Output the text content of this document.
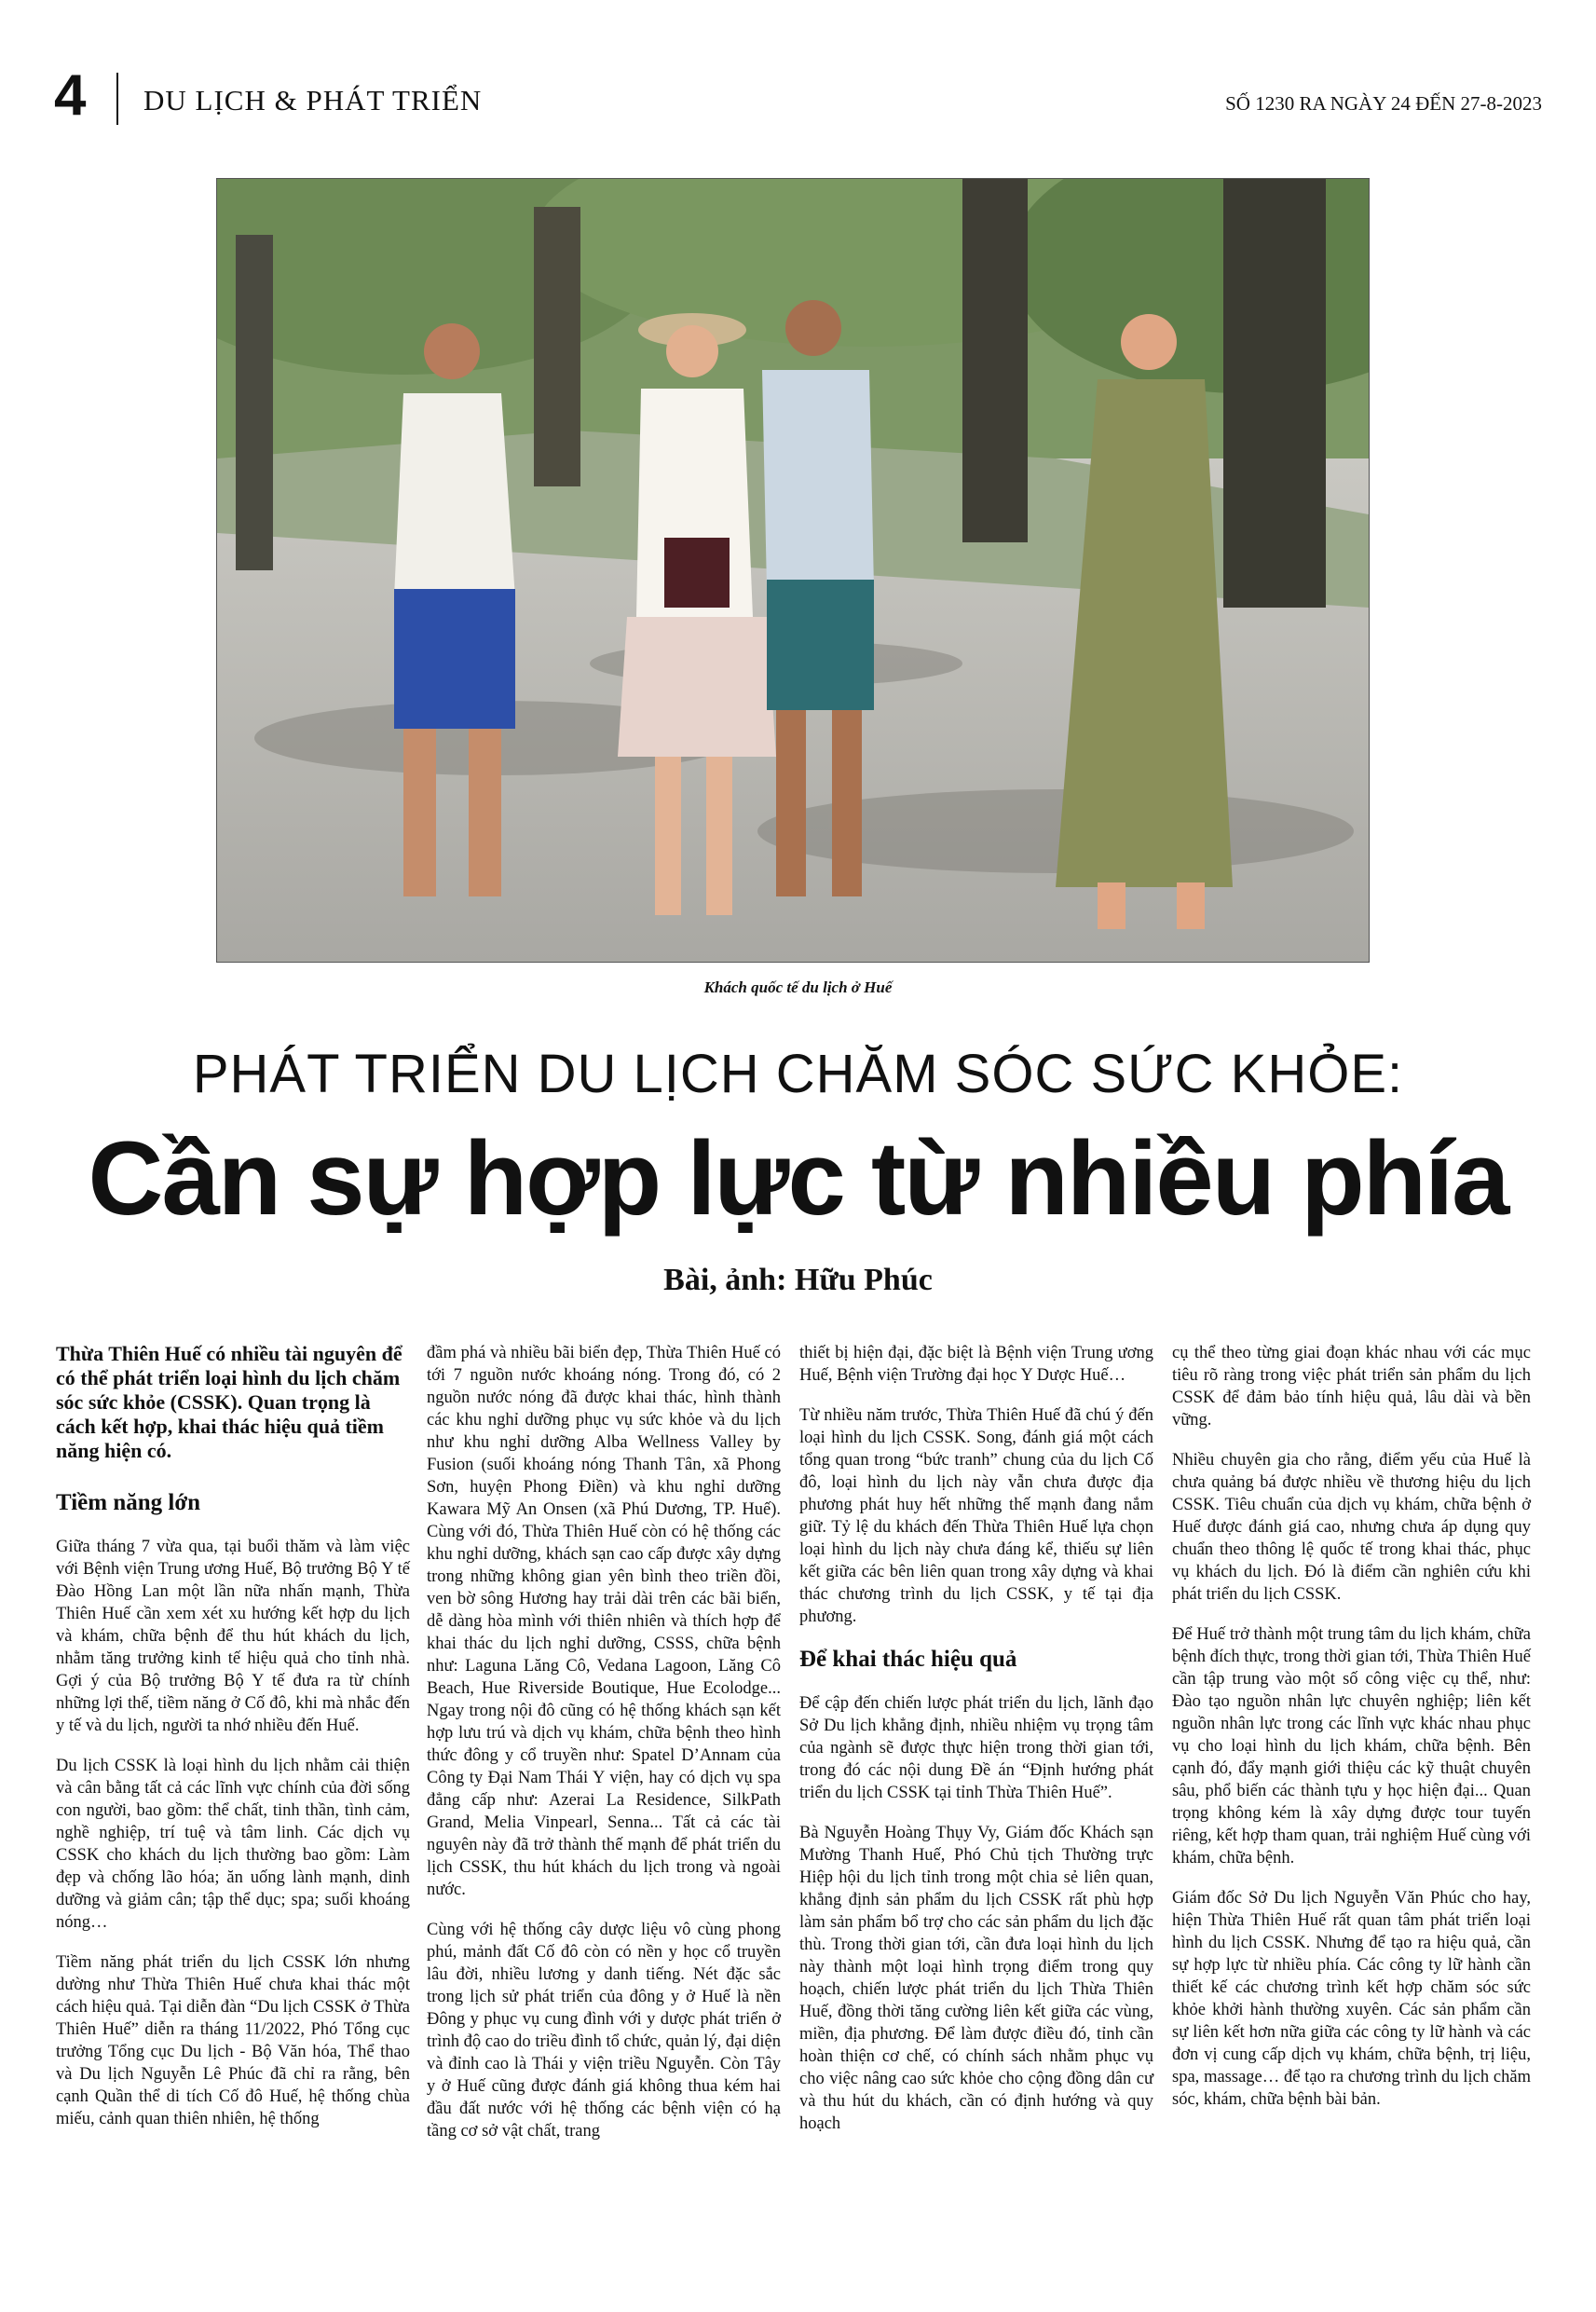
4 DU LỊCH & PHÁT TRIỂN	SỐ 1230 RA NGÀY 24 ĐẾN 27-8-2023
Khách quốc tế du lịch ở Huế
PHÁT TRIỂN DU LỊCH CHĂM SÓC SỨC KHỎE:
Cần sự hợp lực từ nhiều phía
Bài, ảnh: Hữu Phúc

Thừa Thiên Huế có nhiều tài nguyên để có thể phát triển loại hình du lịch chăm sóc sức khỏe (CSSK). Quan trọng là cách kết hợp, khai thác hiệu quả tiềm năng hiện có.

Tiềm năng lớn

Giữa tháng 7 vừa qua, tại buổi thăm và làm việc với Bệnh viện Trung ương Huế, Bộ trưởng Bộ Y tế Đào Hồng Lan một lần nữa nhấn mạnh, Thừa Thiên Huế cần xem xét xu hướng kết hợp du lịch và khám, chữa bệnh để thu hút khách du lịch, nhằm tăng trưởng kinh tế hiệu quả cho tỉnh nhà. Gợi ý của Bộ trưởng Bộ Y tế đưa ra từ chính những lợi thế, tiềm năng ở Cố đô, khi mà nhắc đến y tế và du lịch, người ta nhớ nhiều đến Huế.

Du lịch CSSK là loại hình du lịch nhằm cải thiện và cân bằng tất cả các lĩnh vực chính của đời sống con người, bao gồm: thể chất, tinh thần, tình cảm, nghề nghiệp, trí tuệ và tâm linh. Các dịch vụ CSSK cho khách du lịch thường bao gồm: Làm đẹp và chống lão hóa; ăn uống lành mạnh, dinh dưỡng và giảm cân; tập thể dục; spa; suối khoáng nóng…

Tiềm năng phát triển du lịch CSSK lớn nhưng dường như Thừa Thiên Huế chưa khai thác một cách hiệu quả. Tại diễn đàn “Du lịch CSSK ở Thừa Thiên Huế” diễn ra tháng 11/2022, Phó Tổng cục trưởng Tổng cục Du lịch - Bộ Văn hóa, Thể thao và Du lịch Nguyễn Lê Phúc đã chỉ ra rằng, bên cạnh Quần thể di tích Cố đô Huế, hệ thống chùa miếu, cảnh quan thiên nhiên, hệ thống

đầm phá và nhiều bãi biển đẹp, Thừa Thiên Huế có tới 7 nguồn nước khoáng nóng. Trong đó, có 2 nguồn nước nóng đã được khai thác, hình thành các khu nghỉ dưỡng phục vụ sức khỏe và du lịch như khu nghỉ dưỡng Alba Wellness Valley by Fusion (suối khoáng nóng Thanh Tân, xã Phong Sơn, huyện Phong Điền) và khu nghỉ dưỡng Kawara Mỹ An Onsen (xã Phú Dương, TP. Huế). Cùng với đó, Thừa Thiên Huế còn có hệ thống các khu nghỉ dưỡng, khách sạn cao cấp được xây dựng trong những không gian yên bình theo triền đồi, ven bờ sông Hương hay trải dài trên các bãi biển, dễ dàng hòa mình với thiên nhiên và thích hợp để khai thác du lịch nghỉ dưỡng, CSSS, chữa bệnh như: Laguna Lăng Cô, Vedana Lagoon, Lăng Cô Beach, Hue Riverside Boutique, Hue Ecolodge... Ngay trong nội đô cũng có hệ thống khách sạn kết hợp lưu trú và dịch vụ khám, chữa bệnh theo hình thức đông y cổ truyền như: Spatel D’Annam của Công ty Đại Nam Thái Y viện, hay có dịch vụ spa đẳng cấp như: Azerai La Residence, SilkPath Grand, Melia Vinpearl, Senna... Tất cả các tài nguyên này đã trở thành thế mạnh để phát triển du lịch CSSK, thu hút khách du lịch trong và ngoài nước.

Cùng với hệ thống cây dược liệu vô cùng phong phú, mảnh đất Cố đô còn có nền y học cổ truyền lâu đời, nhiều lương y danh tiếng. Nét đặc sắc trong lịch sử phát triển của đông y ở Huế là nền Đông y phục vụ cung đình với y dược phát triển ở trình độ cao do triều đình tổ chức, quản lý, đại diện và đỉnh cao là Thái y viện triều Nguyễn. Còn Tây y ở Huế cũng được đánh giá không thua kém hai đầu đất nước với hệ thống các bệnh viện có hạ tầng cơ sở vật chất, trang

thiết bị hiện đại, đặc biệt là Bệnh viện Trung ương Huế, Bệnh viện Trường đại học Y Dược Huế…

Từ nhiều năm trước, Thừa Thiên Huế đã chú ý đến loại hình du lịch CSSK. Song, đánh giá một cách tổng quan trong “bức tranh” chung của du lịch Cố đô, loại hình du lịch này vẫn chưa được địa phương phát huy hết những thế mạnh đang nắm giữ. Tỷ lệ du khách đến Thừa Thiên Huế lựa chọn loại hình du lịch này chưa đáng kể, thiếu sự liên kết giữa các bên liên quan trong xây dựng và khai thác chương trình du lịch CSSK, y tế tại địa phương.

Để khai thác hiệu quả

Để cập đến chiến lược phát triển du lịch, lãnh đạo Sở Du lịch khẳng định, nhiều nhiệm vụ trọng tâm của ngành sẽ được thực hiện trong thời gian tới, trong đó các nội dung Đề án “Định hướng phát triển du lịch CSSK tại tỉnh Thừa Thiên Huế”.

Bà Nguyễn Hoàng Thụy Vy, Giám đốc Khách sạn Mường Thanh Huế, Phó Chủ tịch Thường trực Hiệp hội du lịch tỉnh trong một chia sẻ liên quan, khẳng định sản phẩm du lịch CSSK rất phù hợp làm sản phẩm bổ trợ cho các sản phẩm du lịch đặc thù. Trong thời gian tới, cần đưa loại hình du lịch này thành một loại hình trọng điểm trong quy hoạch, chiến lược phát triển du lịch Thừa Thiên Huế, đồng thời tăng cường liên kết giữa các vùng, miền, địa phương. Để làm được điều đó, tỉnh cần hoàn thiện cơ chế, có chính sách nhằm phục vụ cho việc nâng cao sức khỏe cho cộng đồng dân cư và thu hút du khách, cần có định hướng và quy hoạch

cụ thể theo từng giai đoạn khác nhau với các mục tiêu rõ ràng trong việc phát triển sản phẩm du lịch CSSK để đảm bảo tính hiệu quả, lâu dài và bền vững.

Nhiều chuyên gia cho rằng, điểm yếu của Huế là chưa quảng bá được nhiều về thương hiệu du lịch CSSK. Tiêu chuẩn của dịch vụ khám, chữa bệnh ở Huế được đánh giá cao, nhưng chưa áp dụng quy chuẩn theo thông lệ quốc tế trong khai thác, phục vụ khách du lịch. Đó là điểm cần nghiên cứu khi phát triển du lịch CSSK.

Để Huế trở thành một trung tâm du lịch khám, chữa bệnh đích thực, trong thời gian tới, Thừa Thiên Huế cần tập trung vào một số công việc cụ thể, như: Đào tạo nguồn nhân lực chuyên nghiệp; liên kết nguồn nhân lực trong các lĩnh vực khác nhau phục vụ cho loại hình du lịch khám, chữa bệnh. Bên cạnh đó, đẩy mạnh giới thiệu các kỹ thuật chuyên sâu, phổ biến các thành tựu y học hiện đại... Quan trọng không kém là xây dựng được tour tuyến riêng, kết hợp tham quan, trải nghiệm Huế cùng với khám, chữa bệnh.

Giám đốc Sở Du lịch Nguyễn Văn Phúc cho hay, hiện Thừa Thiên Huế rất quan tâm phát triển loại hình du lịch CSSK. Nhưng để tạo ra hiệu quả, cần sự hợp lực từ nhiều phía. Các công ty lữ hành cần thiết kế các chương trình kết hợp chăm sóc sức khỏe khởi hành thường xuyên. Các sản phẩm cần sự liên kết hơn nữa giữa các công ty lữ hành và các đơn vị cung cấp dịch vụ khám, chữa bệnh, trị liệu, spa, massage… để tạo ra chương trình du lịch chăm sóc, khám, chữa bệnh bài bản.
